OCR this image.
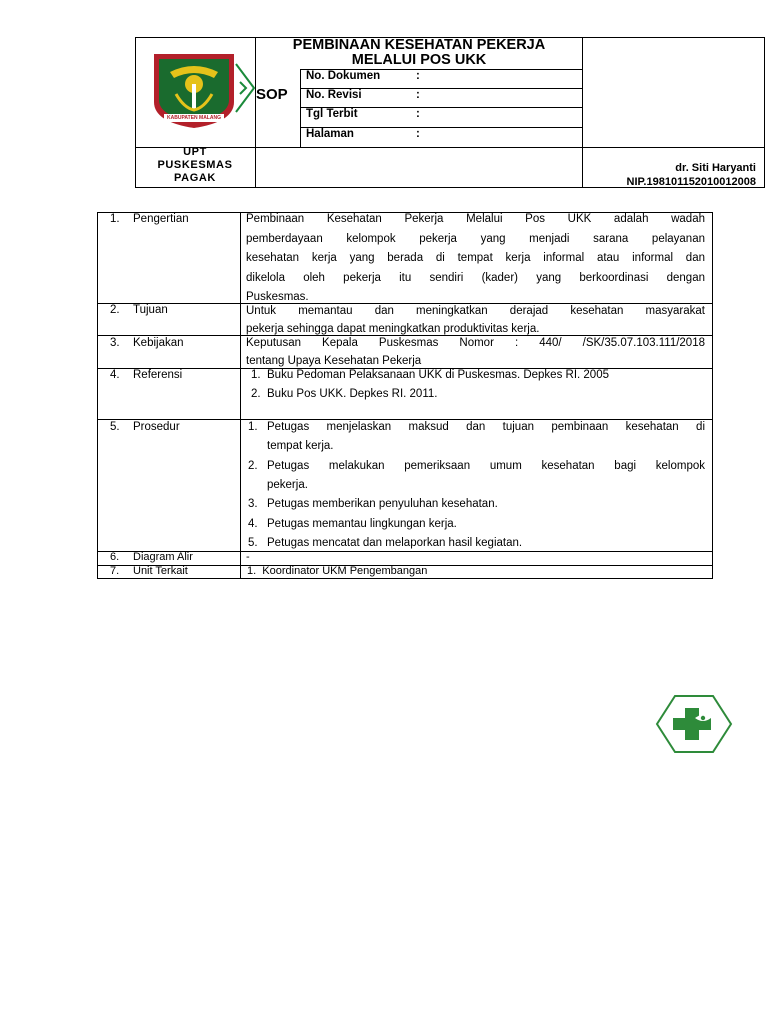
KABUPATEN MALANG
PEMBINAAN KESEHATAN PEKERJA
MELALUI POS UKK
SOP
No. Dokumen	:
No. Revisi	:
Tgl Terbit	:
Halaman	:
UPT
PUSKESMAS
PAGAK
dr. Siti Haryanti
NIP.198101152010012008
1. Pengertian	Pembinaan Kesehatan Pekerja Melalui Pos UKK adalah wadah
pemberdayaan kelompok pekerja yang menjadi sarana pelayanan
kesehatan kerja yang berada di tempat kerja informal atau informal dan
dikelola oleh pekerja itu sendiri (kader) yang berkoordinasi dengan
Puskesmas.
2. Tujuan	Untuk memantau dan meningkatkan derajad kesehatan masyarakat
pekerja sehingga dapat meningkatkan produktivitas kerja.
3. Kebijakan	Keputusan Kepala Puskesmas Nomor : 440/ /SK/35.07.103.111/2018
tentang Upaya Kesehatan Pekerja
4. Referensi	1. Buku Pedoman Pelaksanaan UKK di Puskesmas. Depkes RI. 2005
2. Buku Pos UKK. Depkes RI. 2011.
5. Prosedur	1. Petugas menjelaskan maksud dan tujuan pembinaan kesehatan di
tempat kerja.
2. Petugas melakukan pemeriksaan umum kesehatan bagi kelompok
pekerja.
3. Petugas memberikan penyuluhan kesehatan.
4. Petugas memantau lingkungan kerja.
5. Petugas mencatat dan melaporkan hasil kegiatan.
6. Diagram Alir	-
7. Unit Terkait	1.  Koordinator UKM Pengembangan
